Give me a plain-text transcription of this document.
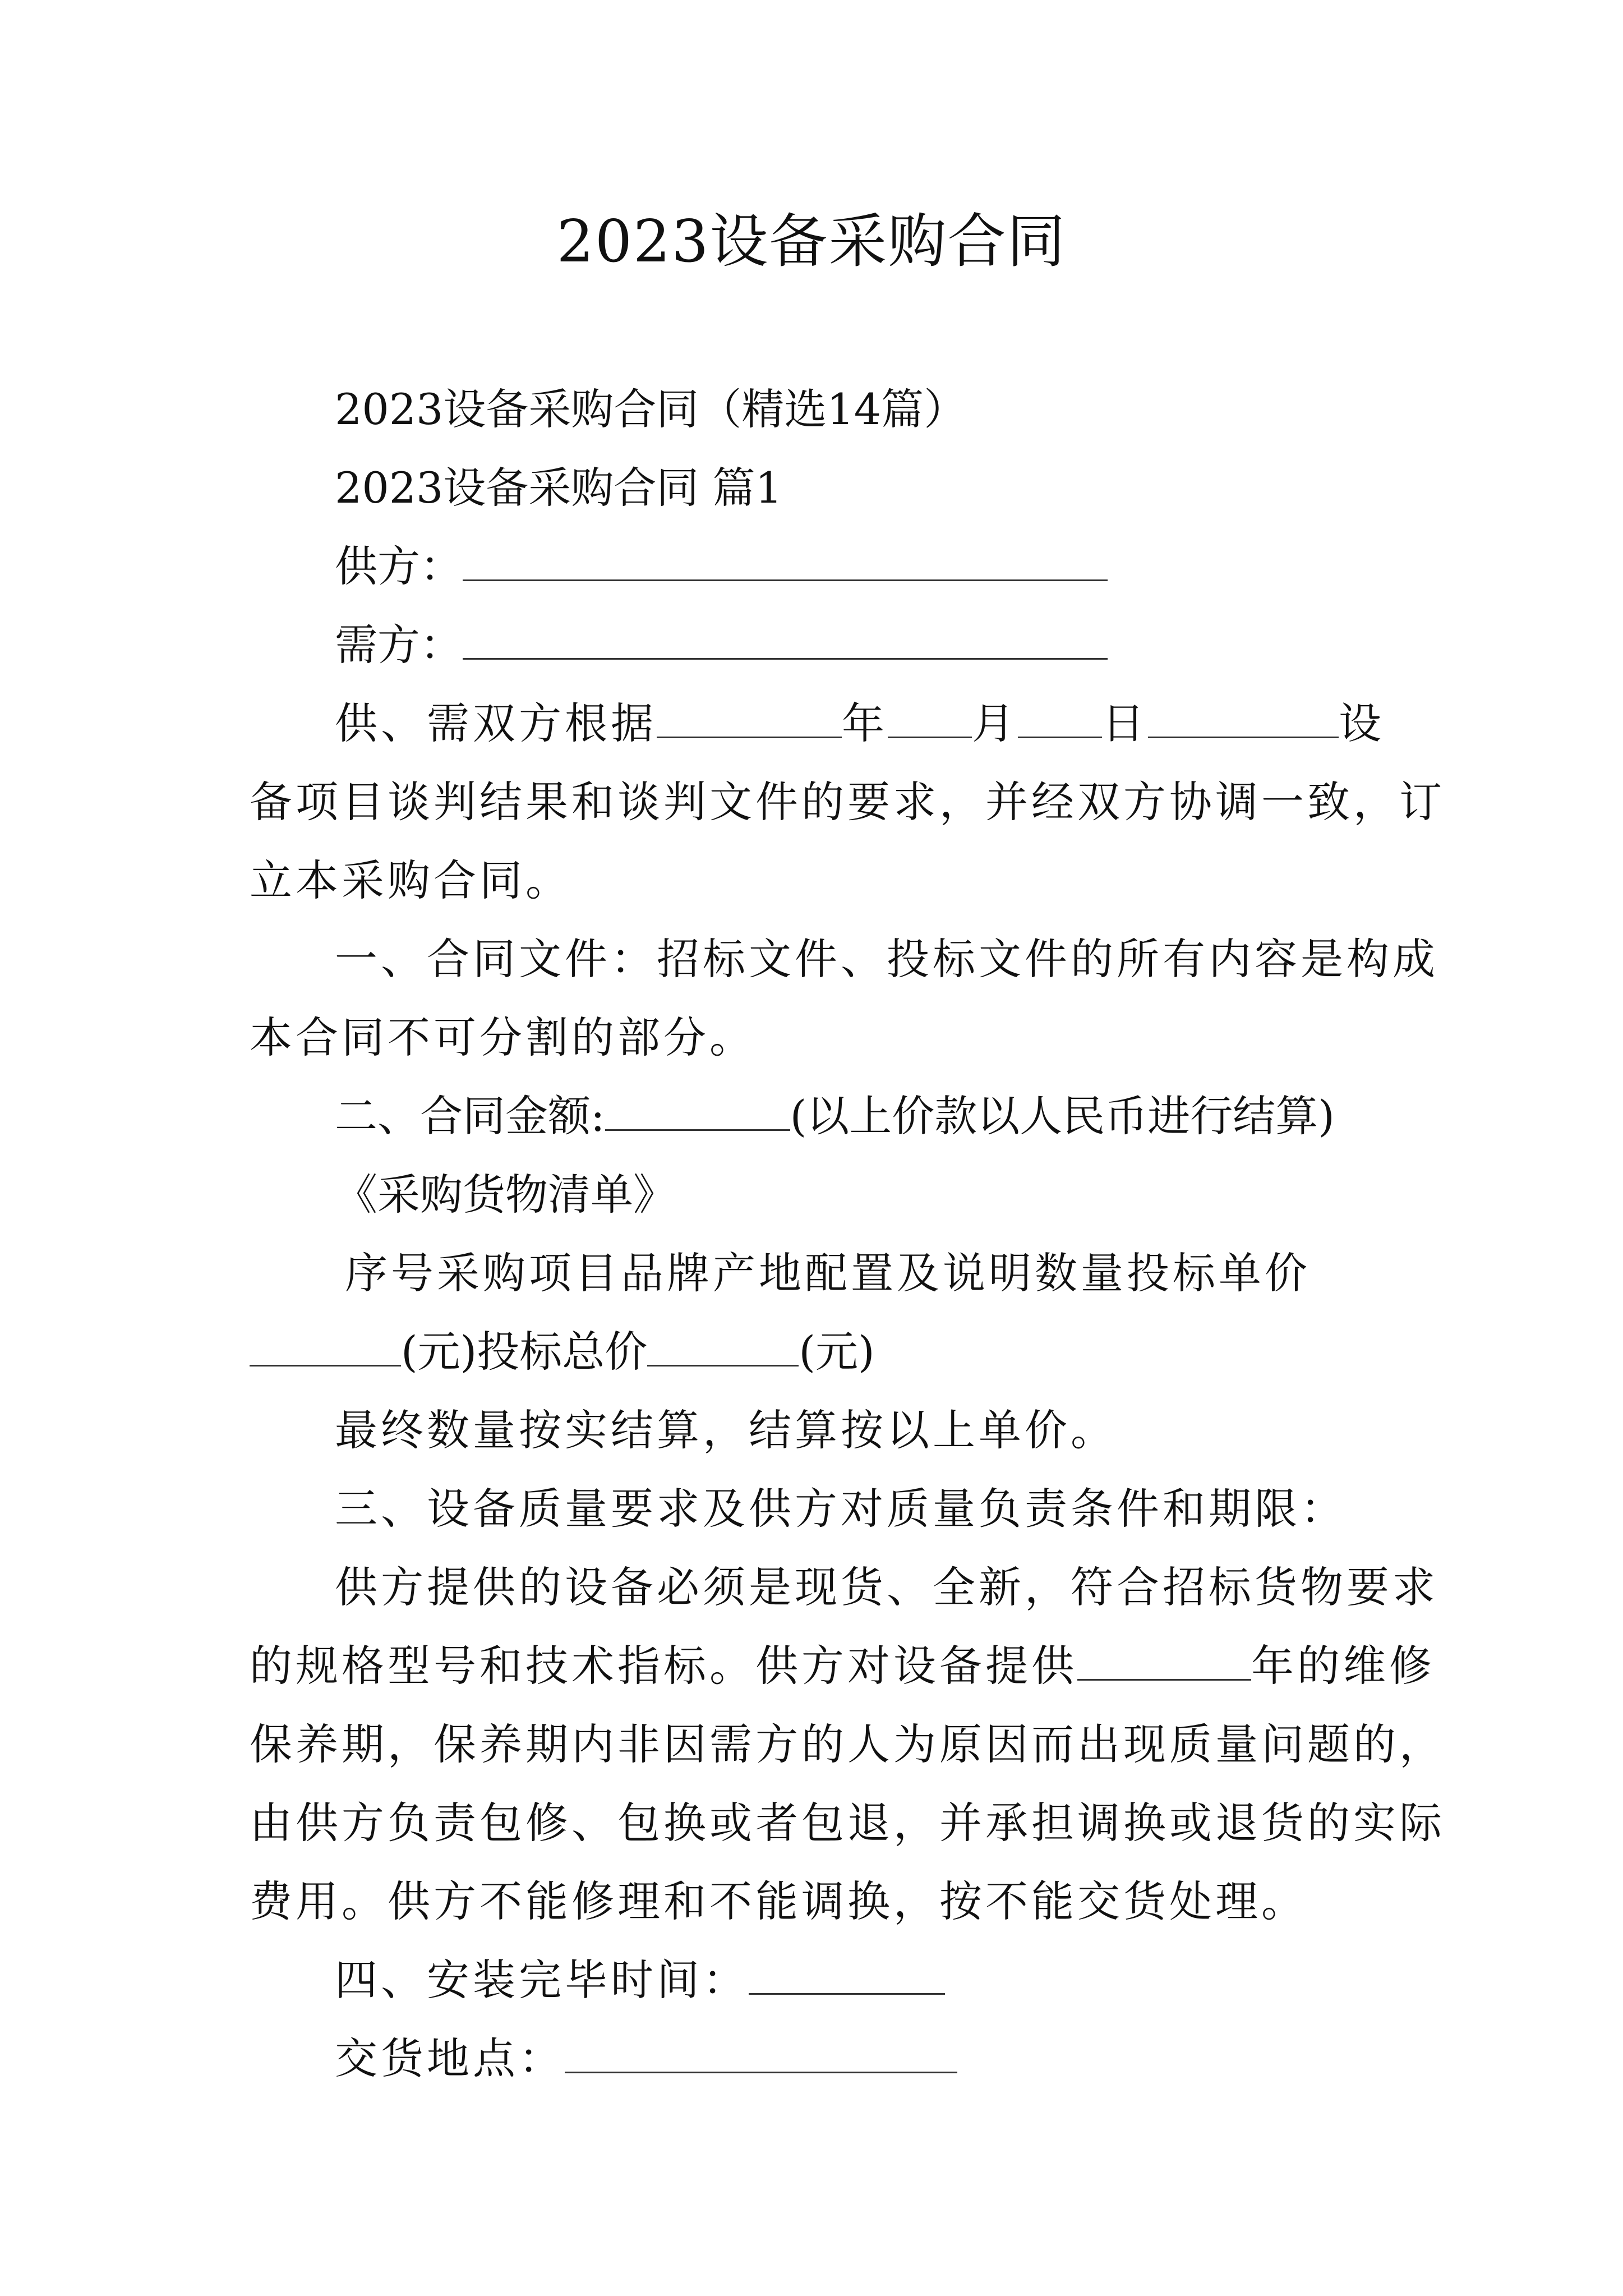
2023设备采购合同

2023设备采购合同（精选14篇）

2023设备采购合同 篇1

供方：

需方：

供、需双方根据	年 月 日	设

备项目谈判结果和谈判文件的要求，并经双方协调一致，订

立本采购合同。

一、合同文件：招标文件、投标文件的所有内容是构成

本合同不可分割的部分。

二、合同金额:	(以上价款以人民币进行结算)

《采购货物清单》

序号采购项目品牌产地配置及说明数量投标单价

(元)投标总价	(元)

最终数量按实结算，结算按以上单价。

三、设备质量要求及供方对质量负责条件和期限：

供方提供的设备必须是现货、全新，符合招标货物要求

的规格型号和技术指标。供方对设备提供	年的维修

保养期，保养期内非因需方的人为原因而出现质量问题的，

由供方负责包修、包换或者包退，并承担调换或退货的实际

费用。供方不能修理和不能调换，按不能交货处理。

四、安装完毕时间：

交货地点：
